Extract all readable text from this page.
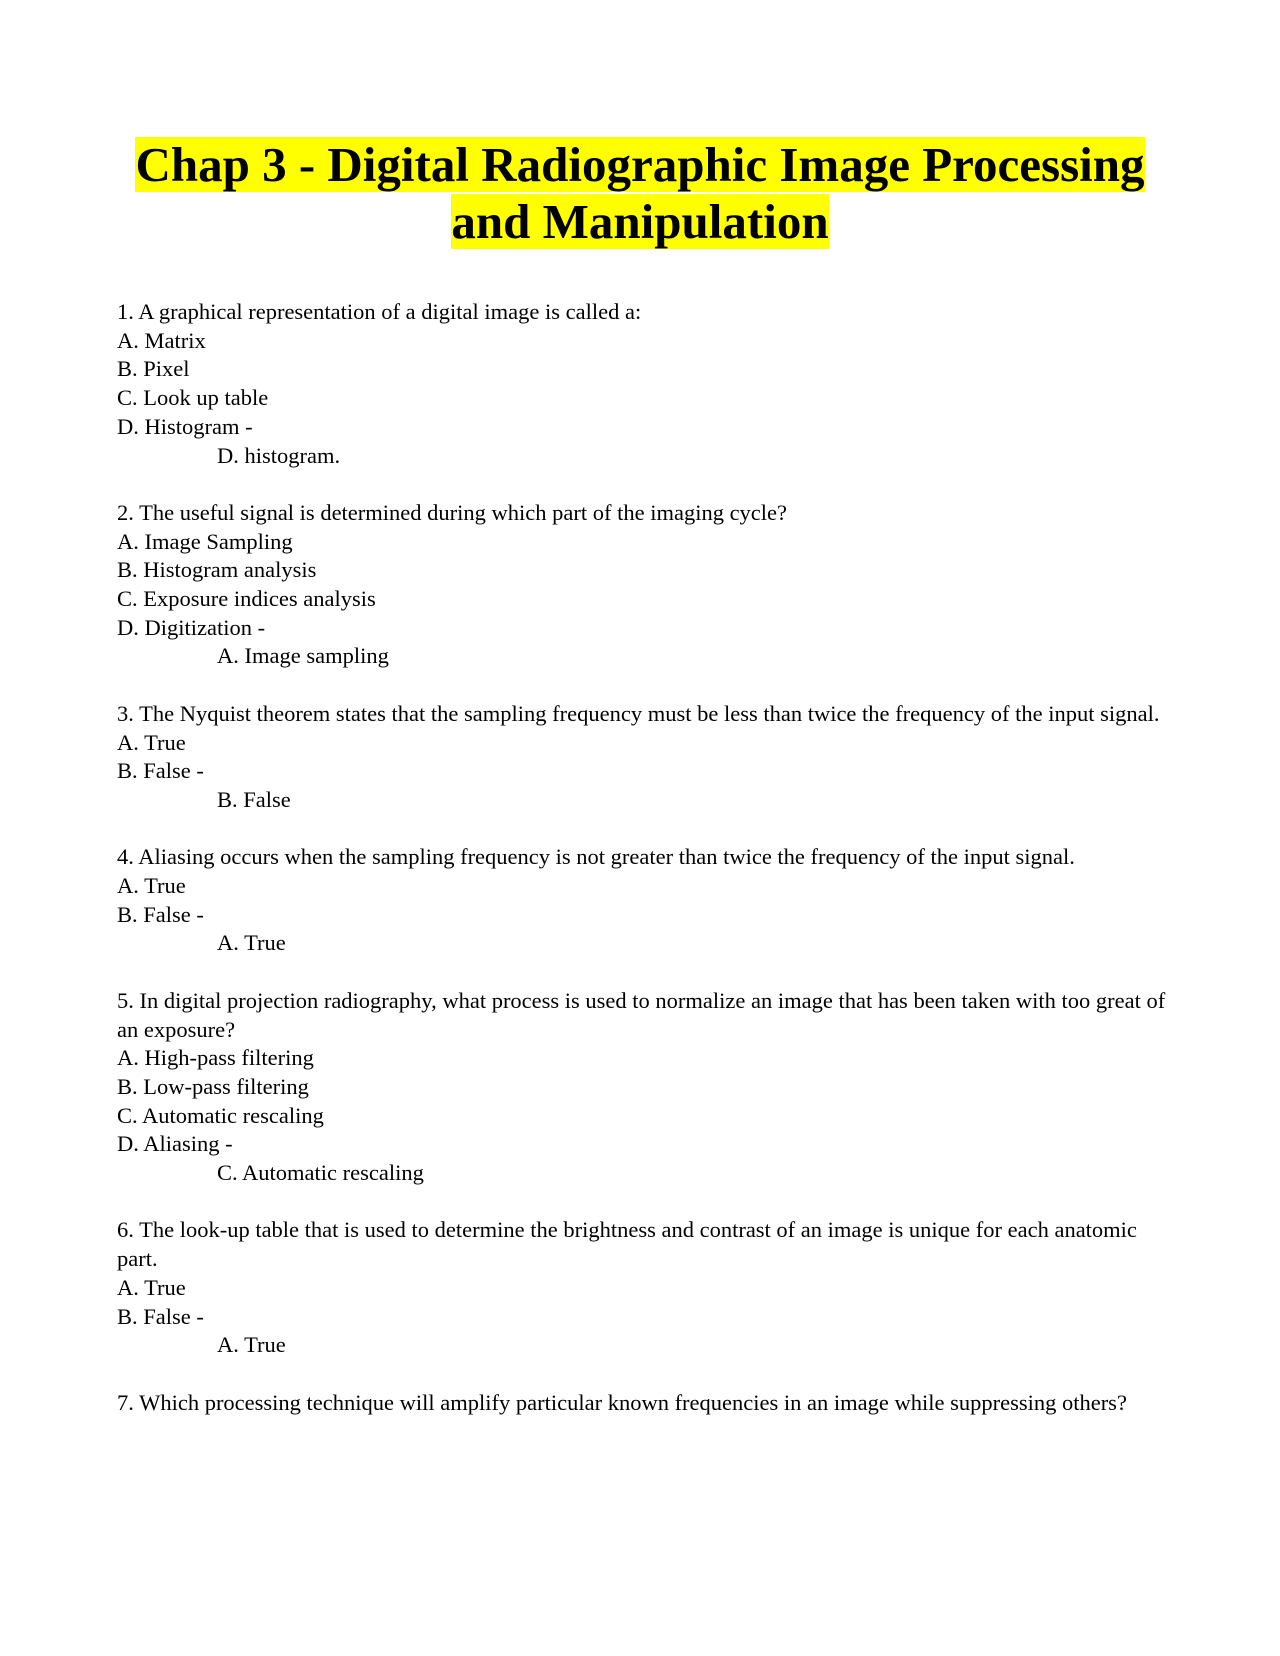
Chap 3 - Digital Radiographic Image Processing and Manipulation

1. A graphical representation of a digital image is called a:

A. Matrix

B. Pixel

C. Look up table

D. Histogram -

D. histogram.

2. The useful signal is determined during which part of the imaging cycle?

A. Image Sampling

B. Histogram analysis

C. Exposure indices analysis

D. Digitization -

A. Image sampling

3. The Nyquist theorem states that the sampling frequency must be less than twice the frequency of the input signal.

A. True

B. False -

B. False

4. Aliasing occurs when the sampling frequency is not greater than twice the frequency of the input signal.

A. True

B. False -

A. True

5. In digital projection radiography, what process is used to normalize an image that has been taken with too great of an exposure?

A. High-pass filtering

B. Low-pass filtering

C. Automatic rescaling

D. Aliasing -

C. Automatic rescaling

6. The look-up table that is used to determine the brightness and contrast of an image is unique for each anatomic part.

A. True

B. False -

A. True

7. Which processing technique will amplify particular known frequencies in an image while suppressing others?
